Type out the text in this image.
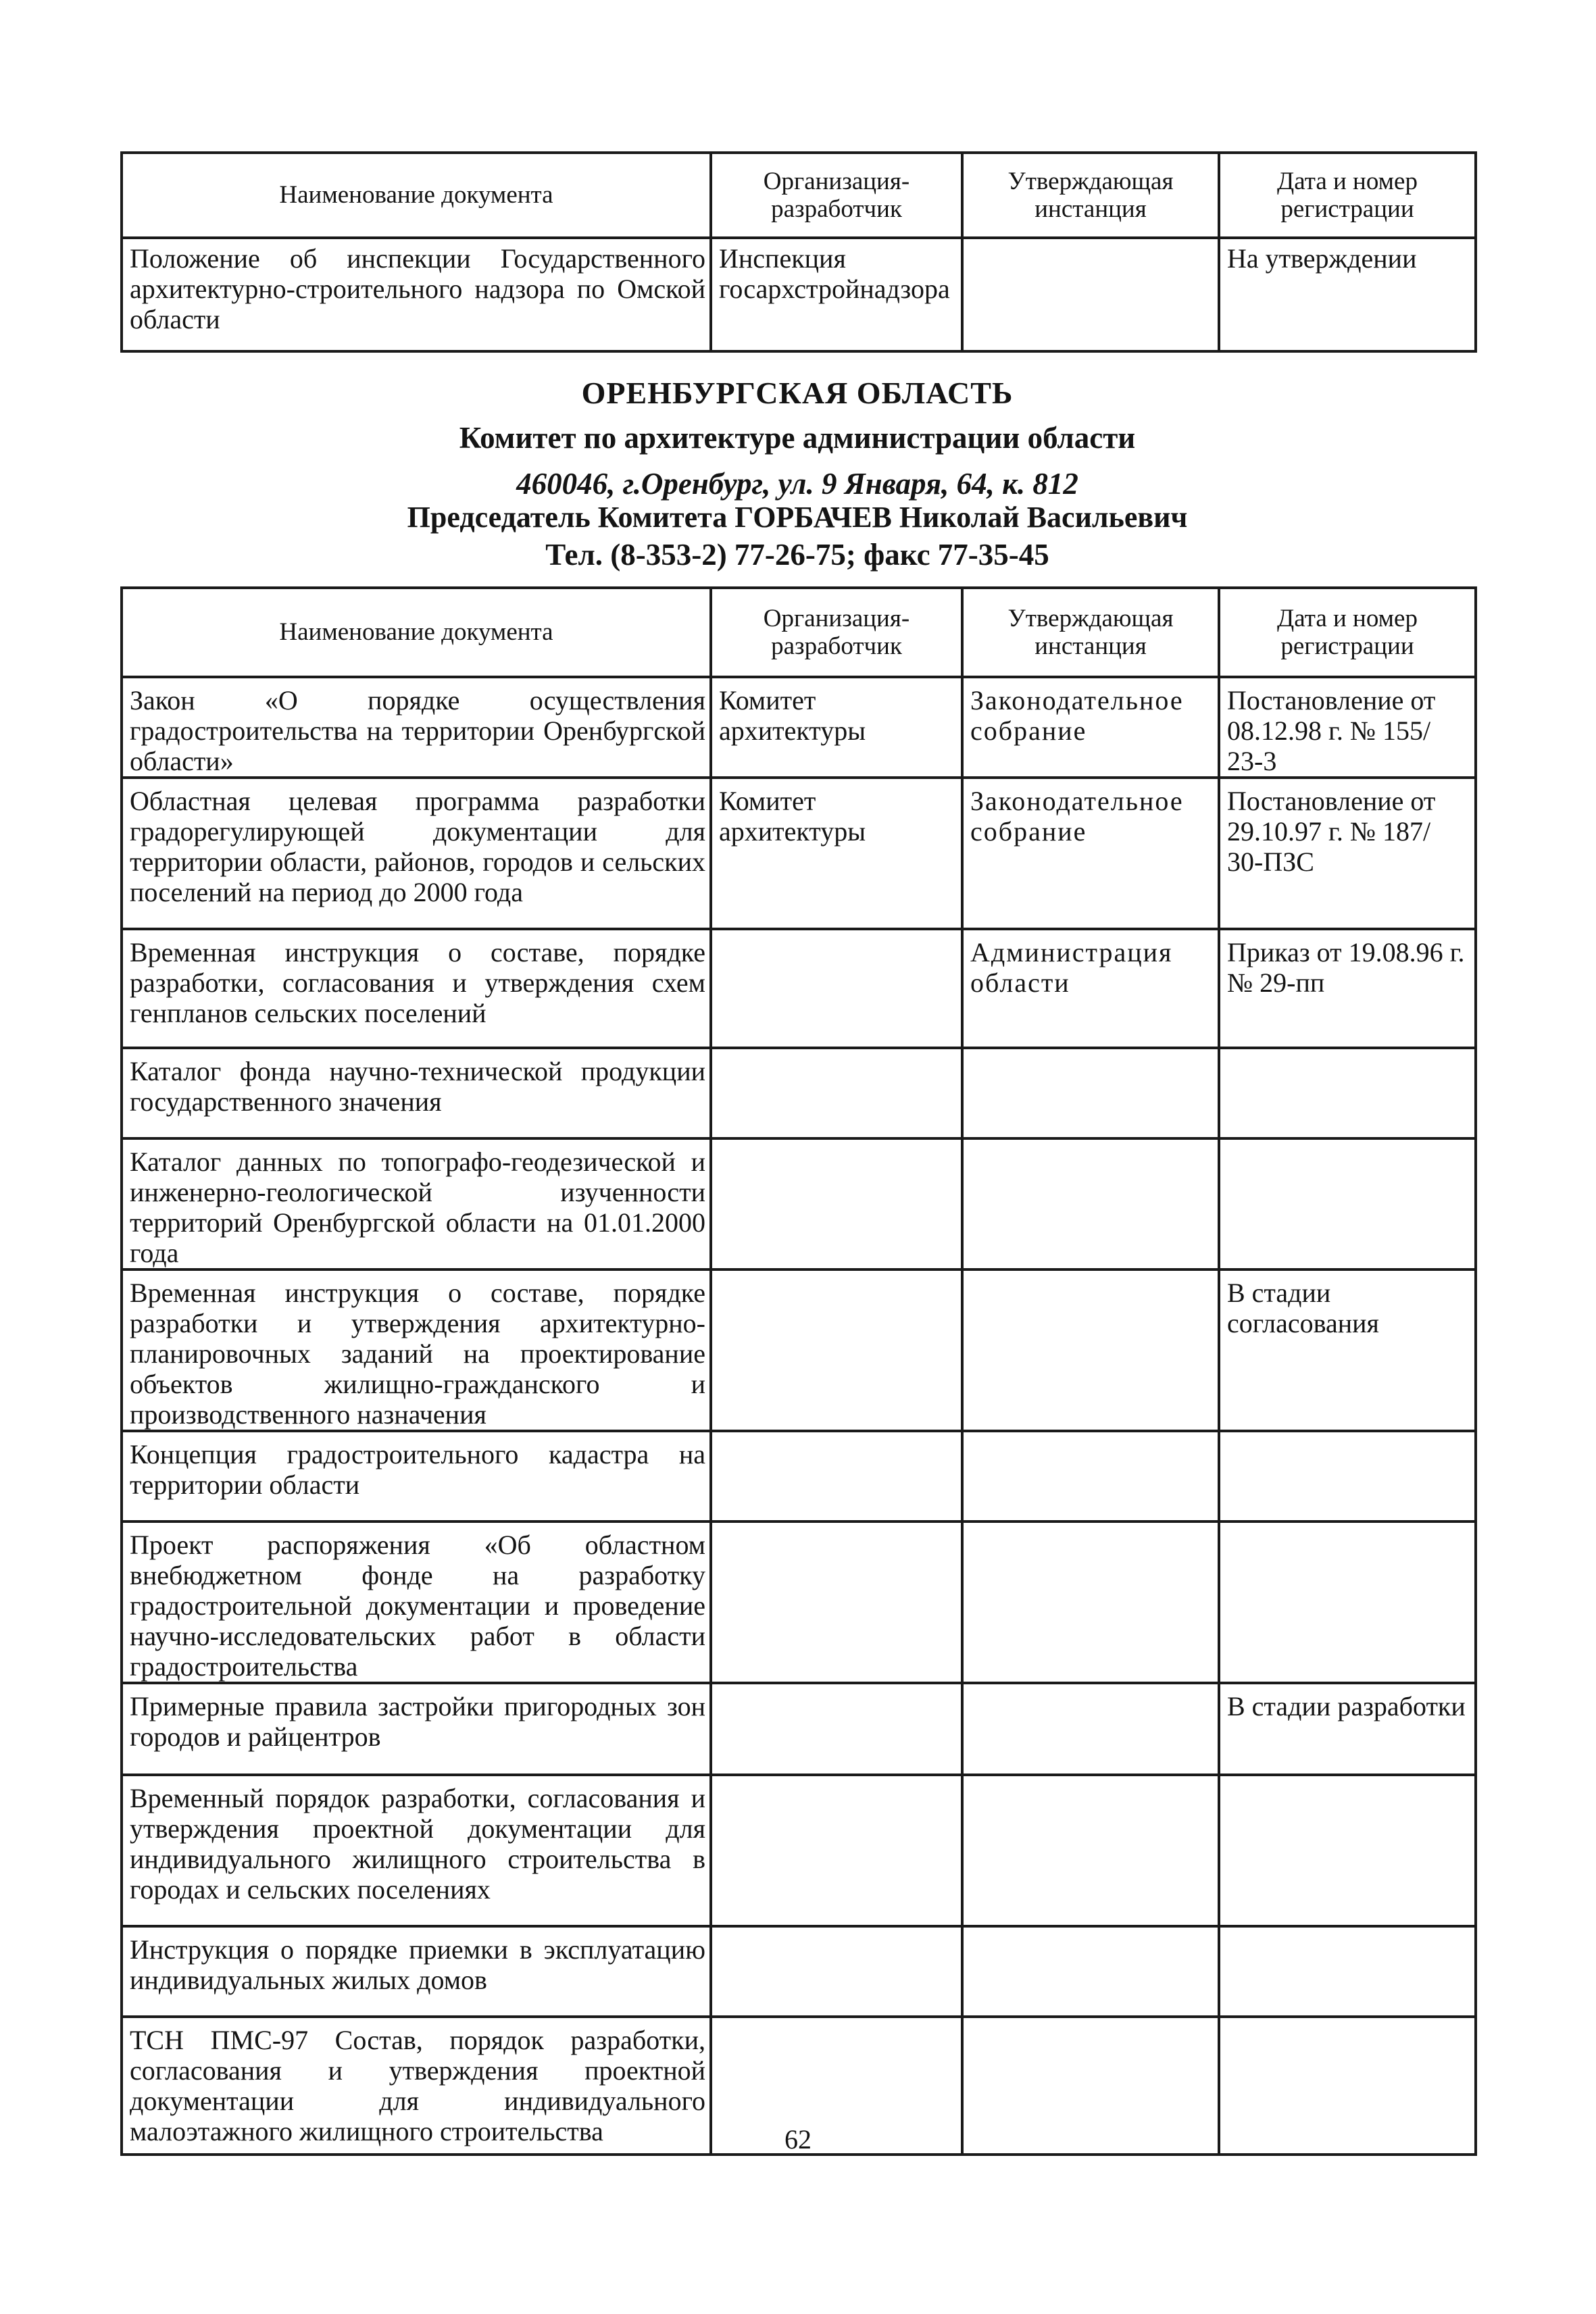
Наименование документа	Организация-разработчик	Утверждающая инстанция	Дата и номер регистрации
Положение об инспекции Государственного архитектурно-строительного надзора по Омской области	Инспекция госархстройнадзора		На утверждении
ОРЕНБУРГСКАЯ ОБЛАСТЬ
Комитет по архитектуре администрации области
460046, г.Оренбург, ул. 9 Января, 64, к. 812
Председатель Комитета ГОРБАЧЕВ Николай Васильевич
Тел. (8-353-2) 77-26-75; факс 77-35-45
Наименование документа	Организация-разработчик	Утверждающая инстанция	Дата и номер регистрации
Закон «О порядке осуществления градостроительства на территории Оренбургской области»	Комитет архитектуры	Законодательное собрание	Постановление от 08.12.98 г. № 155/ 23-3
Областная целевая программа разработки градорегулирующей документации для территории области, районов, городов и сельских поселений на период до 2000 года	Комитет архитектуры	Законодательное собрание	Постановление от 29.10.97 г. № 187/ 30-ПЗС
Временная инструкция о составе, порядке разработки, согласования и утверждения схем генпланов сельских поселений		Администрация области	Приказ от 19.08.96 г. № 29-пп
Каталог фонда научно-технической продукции государственного значения			
Каталог данных по топографо-геодезической и инженерно-геологической изученности территорий Оренбургской области на 01.01.2000 года			
Временная инструкция о составе, порядке разработки и утверждения архитектурно-планировочных заданий на проектирование объектов жилищно-гражданского и производственного назначения			В стадии согласования
Концепция градостроительного кадастра на территории области			
Проект распоряжения «Об областном внебюджетном фонде на разработку градостроительной документации и проведение научно-исследовательских работ в области градостроительства			
Примерные правила застройки пригородных зон городов и райцентров			В стадии разработки
Временный порядок разработки, согласования и утверждения проектной документации для индивидуального жилищного строительства в городах и сельских поселениях			
Инструкция о порядке приемки в эксплуатацию индивидуальных жилых домов			
ТСН ПМС-97 Состав, порядок разработки, согласования и утверждения проектной документации для индивидуального малоэтажного жилищного строительства				62
